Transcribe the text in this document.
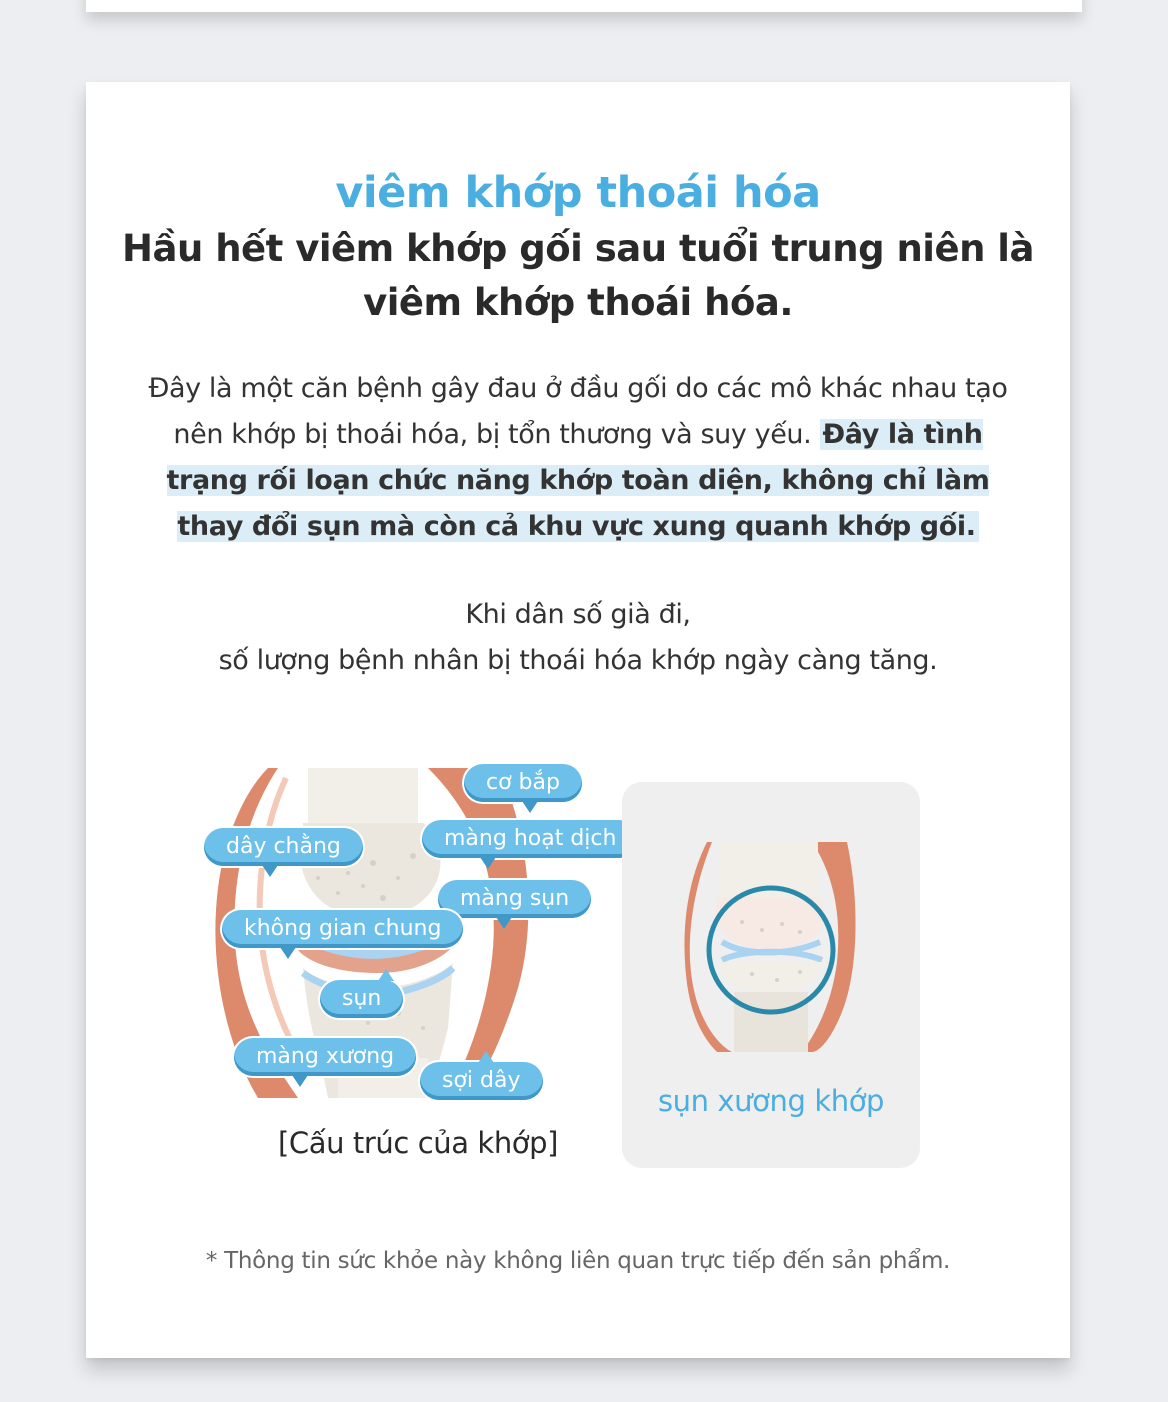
viêm khớp thoái hóa
Hầu hết viêm khớp gối sau tuổi trung niên là
viêm khớp thoái hóa.
Đây là một căn bệnh gây đau ở đầu gối do các mô khác nhau tạo nên khớp bị thoái hóa, bị tổn thương và suy yếu. Đây là tình trạng rối loạn chức năng khớp toàn diện, không chỉ làm thay đổi sụn mà còn cả khu vực xung quanh khớp gối.
Khi dân số già đi,
số lượng bệnh nhân bị thoái hóa khớp ngày càng tăng.
cơ bắp
màng hoạt dịch
dây chằng
màng sụn
không gian chung
sụn
màng xương
sợi dây
[Cấu trúc của khớp]
sụn xương khớp
* Thông tin sức khỏe này không liên quan trực tiếp đến sản phẩm.
